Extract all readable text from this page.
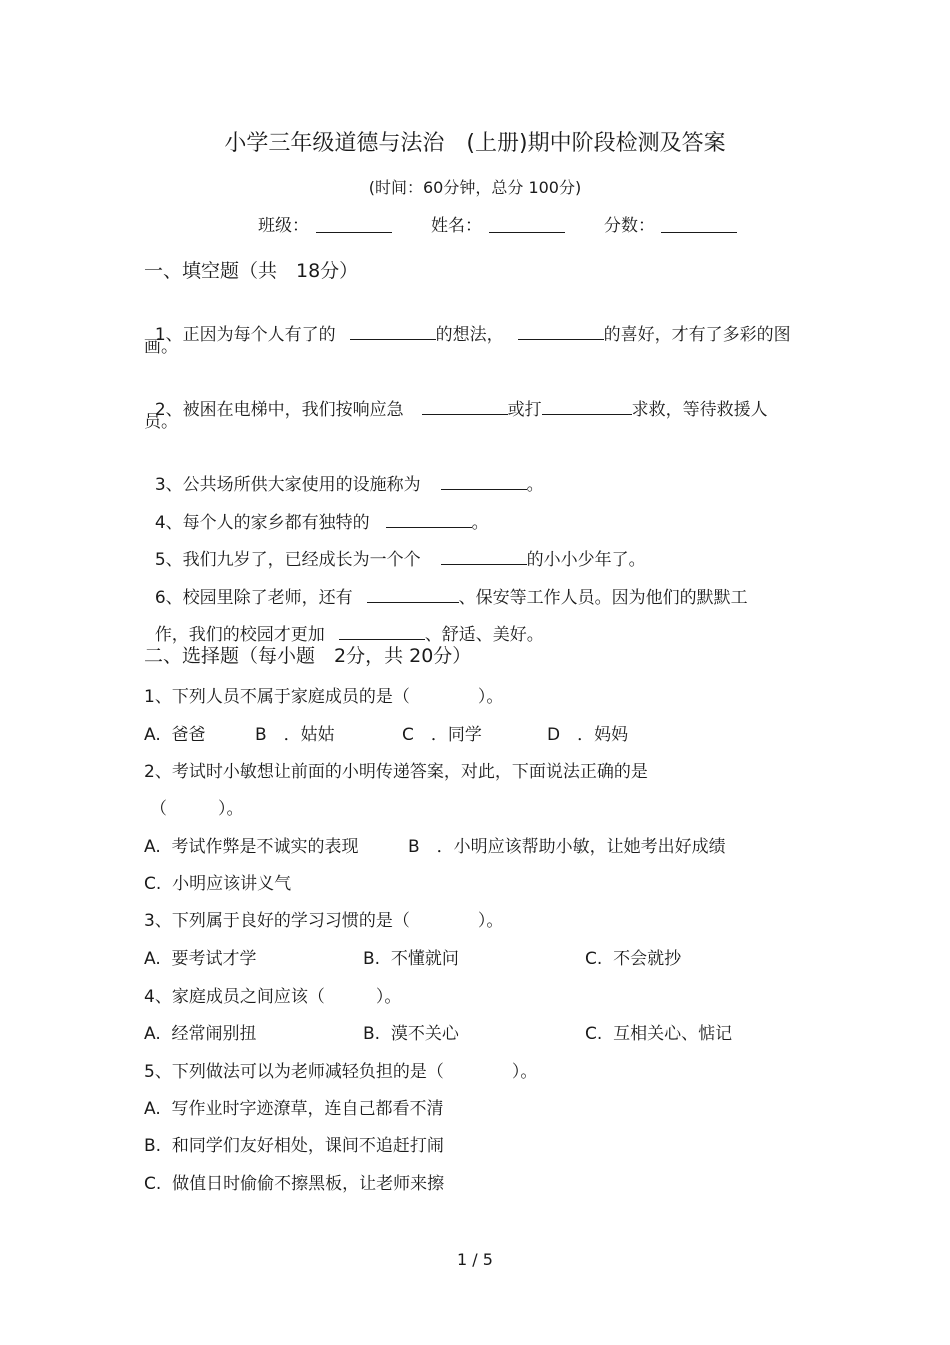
小学三年级道德与法治　(上册)期中阶段检测及答案
(时间：60分钟，总分 100分)
班级：	姓名：	分数：
一、填空题（共　18分）

1、正因为每个人有了的	的想法，	的喜好，才有了多彩的图

画。

2、被困在电梯中，我们按响应急	或打	求救，等待救援人

员。

3、公共场所供大家使用的设施称为	。

4、每个人的家乡都有独特的	。

5、我们九岁了，已经成长为一个个	的小小少年了。

6、校园里除了老师，还有	、保安等工作人员。因为他们的默默工

作，我们的校园才更加	、舒适、美好。

二、选择题（每小题　2分，共 20分）
1、下列人员不属于家庭成员的是（　　　　）。
A.  爸爸	B　．姑姑	C　．同学	D　．妈妈
2、考试时小敏想让前面的小明传递答案，对此，下面说法正确的是
（　　　）。
A.  考试作弊是不诚实的表现	B　．小明应该帮助小敏，让她考出好成绩
C.  小明应该讲义气
3、下列属于良好的学习习惯的是（　　　　）。
A.  要考试才学	B.  不懂就问	C.  不会就抄
4、家庭成员之间应该（　　　）。
A.  经常闹别扭	B.  漠不关心	C.  互相关心、惦记
5、下列做法可以为老师减轻负担的是（　　　　）。
A.  写作业时字迹潦草，连自己都看不清
B.  和同学们友好相处，课间不追赶打闹
C.  做值日时偷偷不擦黑板，让老师来擦
1 / 5
